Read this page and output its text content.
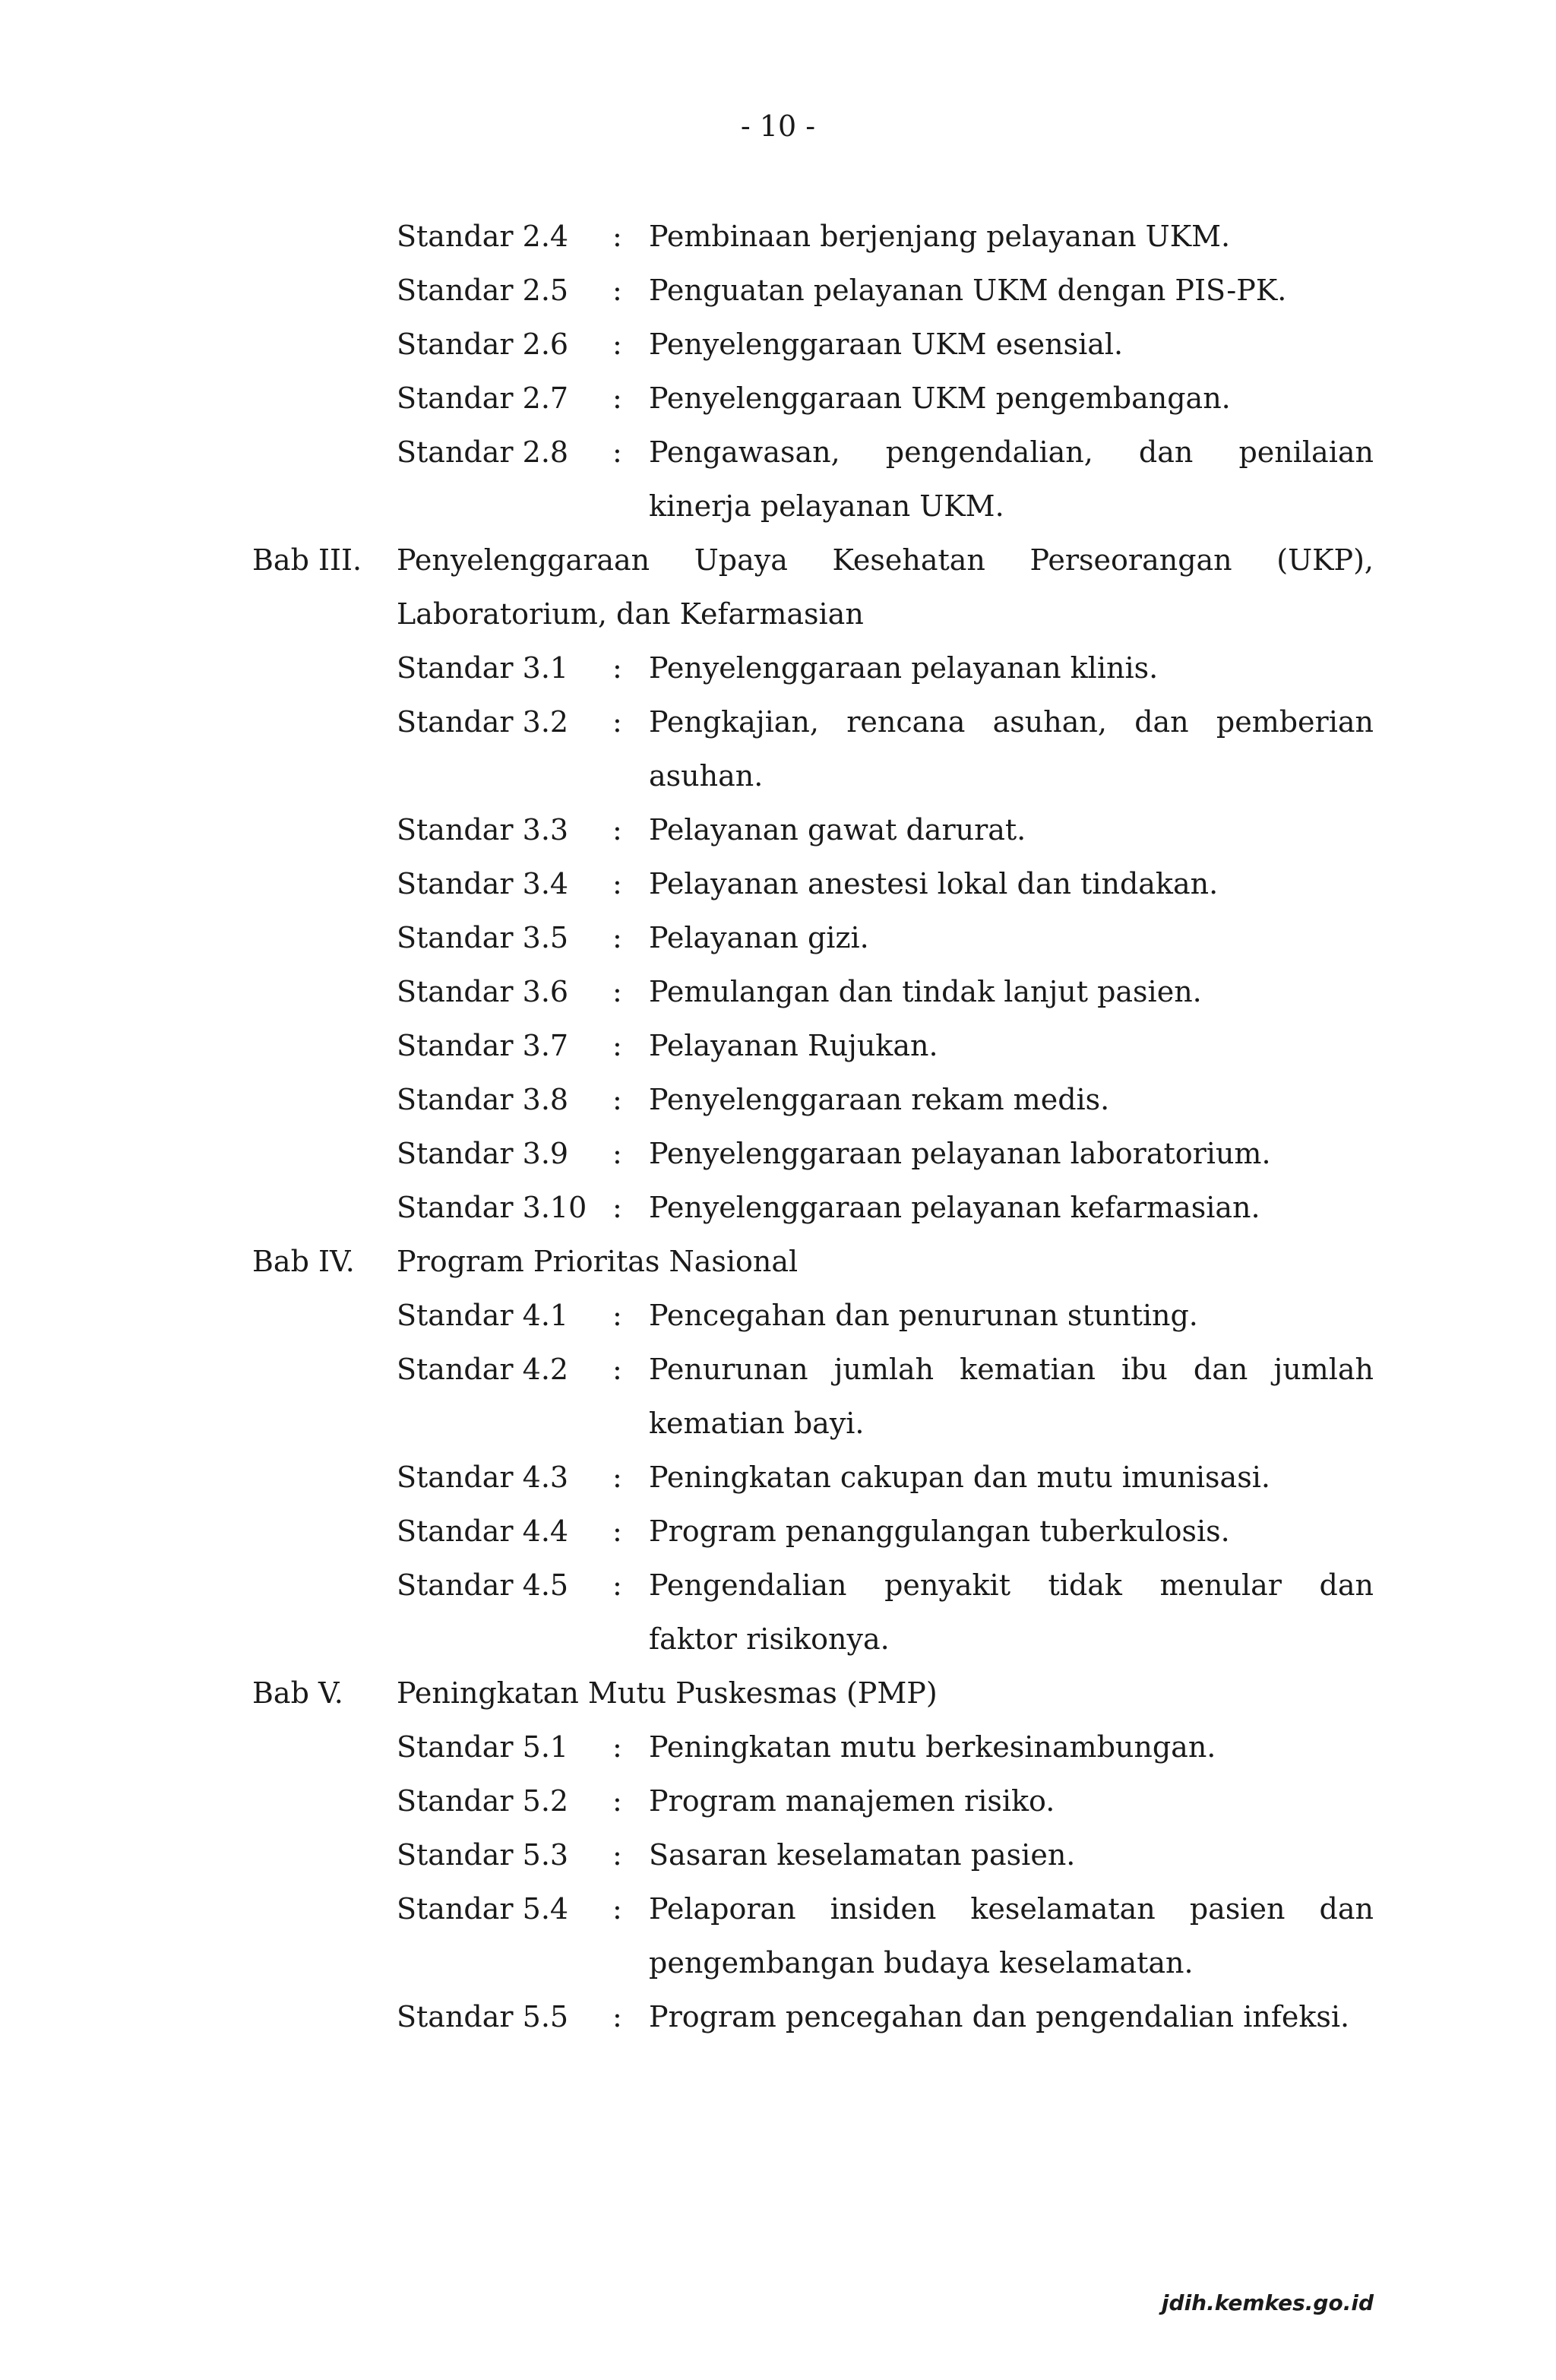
- 10 -
Standar 2.4 : Pembinaan berjenjang pelayanan UKM.
Standar 2.5 : Penguatan pelayanan UKM dengan PIS-PK.
Standar 2.6 : Penyelenggaraan UKM esensial.
Standar 2.7 : Penyelenggaraan UKM pengembangan.
Standar 2.8 : Pengawasan, pengendalian, dan penilaian
kinerja pelayanan UKM.
Bab III. Penyelenggaraan Upaya Kesehatan Perseorangan (UKP),
Laboratorium, dan Kefarmasian
Standar 3.1 : Penyelenggaraan pelayanan klinis.
Standar 3.2 : Pengkajian, rencana asuhan, dan pemberian
asuhan.
Standar 3.3 : Pelayanan gawat darurat.
Standar 3.4 : Pelayanan anestesi lokal dan tindakan.
Standar 3.5 : Pelayanan gizi.
Standar 3.6 : Pemulangan dan tindak lanjut pasien.
Standar 3.7 : Pelayanan Rujukan.
Standar 3.8 : Penyelenggaraan rekam medis.
Standar 3.9 : Penyelenggaraan pelayanan laboratorium.
Standar 3.10 : Penyelenggaraan pelayanan kefarmasian.
Bab IV. Program Prioritas Nasional
Standar 4.1 : Pencegahan dan penurunan stunting.
Standar 4.2 : Penurunan jumlah kematian ibu dan jumlah
kematian bayi.
Standar 4.3 : Peningkatan cakupan dan mutu imunisasi.
Standar 4.4 : Program penanggulangan tuberkulosis.
Standar 4.5 : Pengendalian penyakit tidak menular dan
faktor risikonya.
Bab V. Peningkatan Mutu Puskesmas (PMP)
Standar 5.1 : Peningkatan mutu berkesinambungan.
Standar 5.2 : Program manajemen risiko.
Standar 5.3 : Sasaran keselamatan pasien.
Standar 5.4 : Pelaporan insiden keselamatan pasien dan
pengembangan budaya keselamatan.
Standar 5.5 : Program pencegahan dan pengendalian infeksi.
jdih.kemkes.go.id
